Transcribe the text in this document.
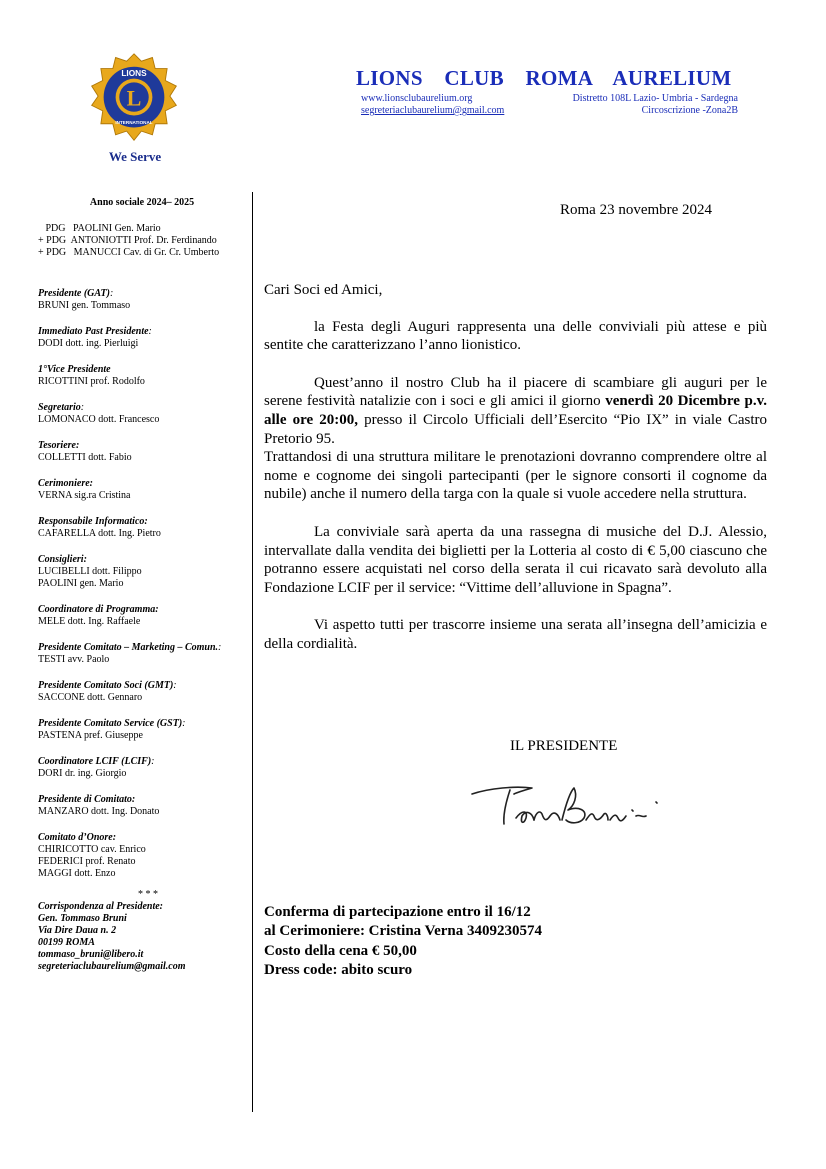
L
LIONS
INTERNATIONAL
We Serve
LIONS CLUB ROMA AURELIUM
www.lionsclubaurelium.org
segreteriaclubaurelium@gmail.com
Distretto 108L Lazio- Umbria - Sardegna
Circoscrizione -Zona2B
Anno sociale 2024– 2025
PDG   PAOLINI Gen. Mario
+ PDG  ANTONIOTTI Prof. Dr. Ferdinando
+ PDG   MANUCCI Cav. di Gr. Cr. Umberto
Presidente (GAT):
BRUNI gen. Tommaso
Immediato Past Presidente:
DODI dott. ing. Pierluigi
1°Vice Presidente
RICOTTINI prof. Rodolfo
Segretario:
LOMONACO dott. Francesco
Tesoriere:
COLLETTI dott. Fabio
Cerimoniere:
VERNA sig.ra Cristina
Responsabile Informatico:
CAFARELLA dott. Ing. Pietro
Consiglieri:
LUCIBELLI dott. Filippo
PAOLINI gen. Mario
Coordinatore di Programma:
MELE dott. Ing. Raffaele
Presidente Comitato – Marketing – Comun.:
TESTI avv. Paolo
Presidente Comitato Soci (GMT):
SACCONE dott. Gennaro
Presidente Comitato Service (GST):
PASTENA pref. Giuseppe
Coordinatore LCIF (LCIF):
DORI dr. ing. Giorgio
Presidente di Comitato:
MANZARO dott. Ing. Donato
Comitato d’Onore:
CHIRICOTTO cav. Enrico
FEDERICI prof. Renato
MAGGI dott. Enzo
* * *
Corrispondenza al Presidente:
Gen. Tommaso Bruni
Via Dire Daua n. 2
00199 ROMA
tommaso_bruni@libero.it
segreteriaclubaurelium@gmail.com
Roma 23 novembre 2024

Cari Soci ed Amici,

la Festa degli Auguri rappresenta una delle conviviali più attese e più sentite che caratterizzano l’anno lionistico.

Quest’anno il nostro Club ha il piacere di scambiare gli auguri per le serene festività natalizie con i soci e gli amici il giorno venerdì 20 Dicembre p.v. alle ore 20:00, presso il Circolo Ufficiali dell’Esercito “Pio IX” in viale Castro Pretorio 95.

Trattandosi di una struttura militare le prenotazioni dovranno comprendere oltre al nome e cognome dei singoli partecipanti (per le signore consorti il cognome da nubile) anche il numero della targa con la quale si vuole accedere nella struttura.

La conviviale sarà aperta da una rassegna di musiche del D.J. Alessio, intervallate dalla vendita dei biglietti per la Lotteria al costo di € 5,00 ciascuno che potranno essere acquistati nel corso della serata il cui ricavato sarà devoluto alla Fondazione LCIF per il service: “Vittime dell’alluvione in Spagna”.

Vi aspetto tutti per trascorre insieme una serata all’insegna dell’amicizia e della cordialità.

IL PRESIDENTE
Conferma di partecipazione entro il 16/12
al Cerimoniere: Cristina Verna 3409230574
Costo della cena € 50,00
Dress code: abito scuro
